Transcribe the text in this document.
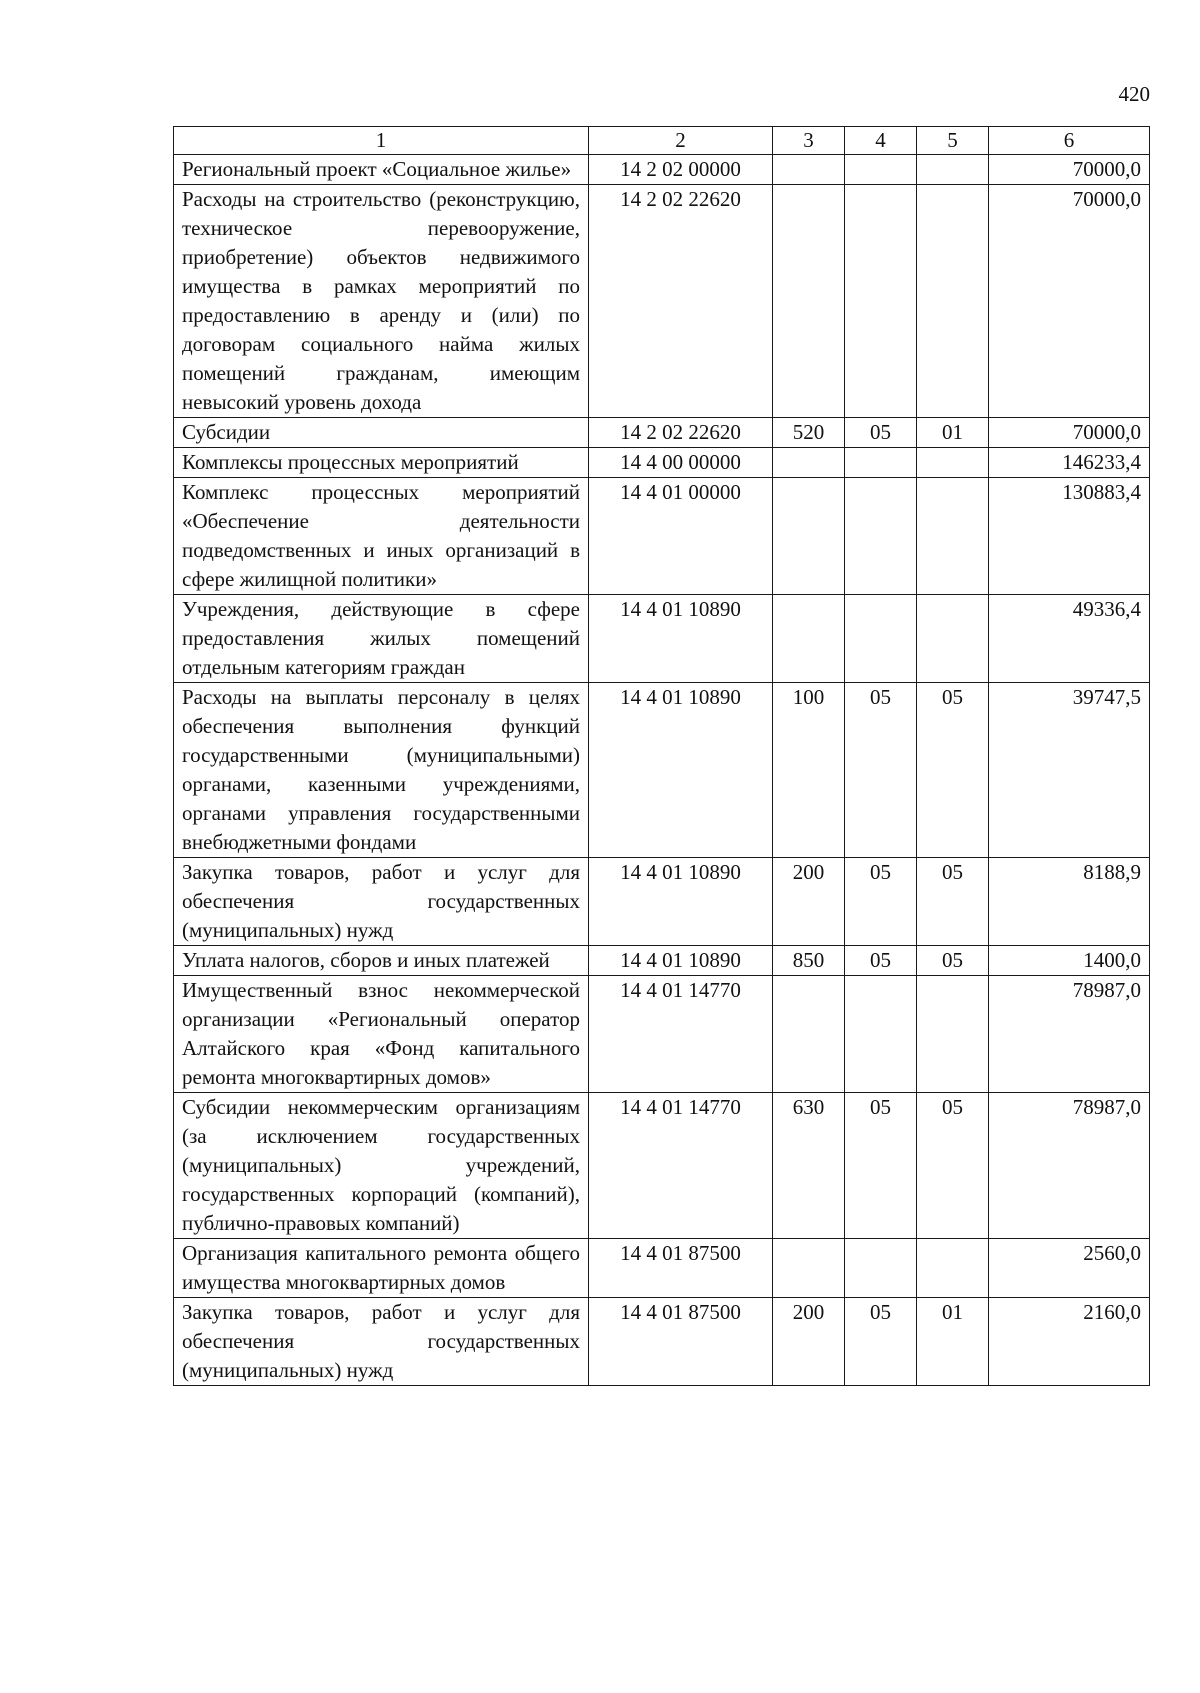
420
1	2	3	4	5	6
Региональный проект «Социальное жилье»	14 2 02 00000				70000,0
Расходы на строительство (реконструкцию, техническое перевооружение, приобретение) объектов недвижимого имущества в рамках мероприятий по предоставлению в аренду и (или) по договорам социального найма жилых помещений гражданам, имеющим невысокий уровень дохода	14 2 02 22620				70000,0
Субсидии	14 2 02 22620	520	05	01	70000,0
Комплексы процессных мероприятий	14 4 00 00000				146233,4
Комплекс процессных мероприятий «Обеспечение деятельности подведомственных и иных организаций в сфере жилищной политики»	14 4 01 00000				130883,4
Учреждения, действующие в сфере предоставления жилых помещений отдельным категориям граждан	14 4 01 10890				49336,4
Расходы на выплаты персоналу в целях обеспечения выполнения функций государственными (муниципальными) органами, казенными учреждениями, органами управления государственными внебюджетными фондами	14 4 01 10890	100	05	05	39747,5
Закупка товаров, работ и услуг для обеспечения государственных (муниципальных) нужд	14 4 01 10890	200	05	05	8188,9
Уплата налогов, сборов и иных платежей	14 4 01 10890	850	05	05	1400,0
Имущественный взнос некоммерческой организации «Региональный оператор Алтайского края «Фонд капитального ремонта многоквартирных домов»	14 4 01 14770				78987,0
Субсидии некоммерческим организациям (за исключением государственных (муниципальных) учреждений, государственных корпораций (компаний), публично-правовых компаний)	14 4 01 14770	630	05	05	78987,0
Организация капитального ремонта общего имущества многоквартирных домов	14 4 01 87500				2560,0
Закупка товаров, работ и услуг для обеспечения государственных (муниципальных) нужд	14 4 01 87500	200	05	01	2160,0
